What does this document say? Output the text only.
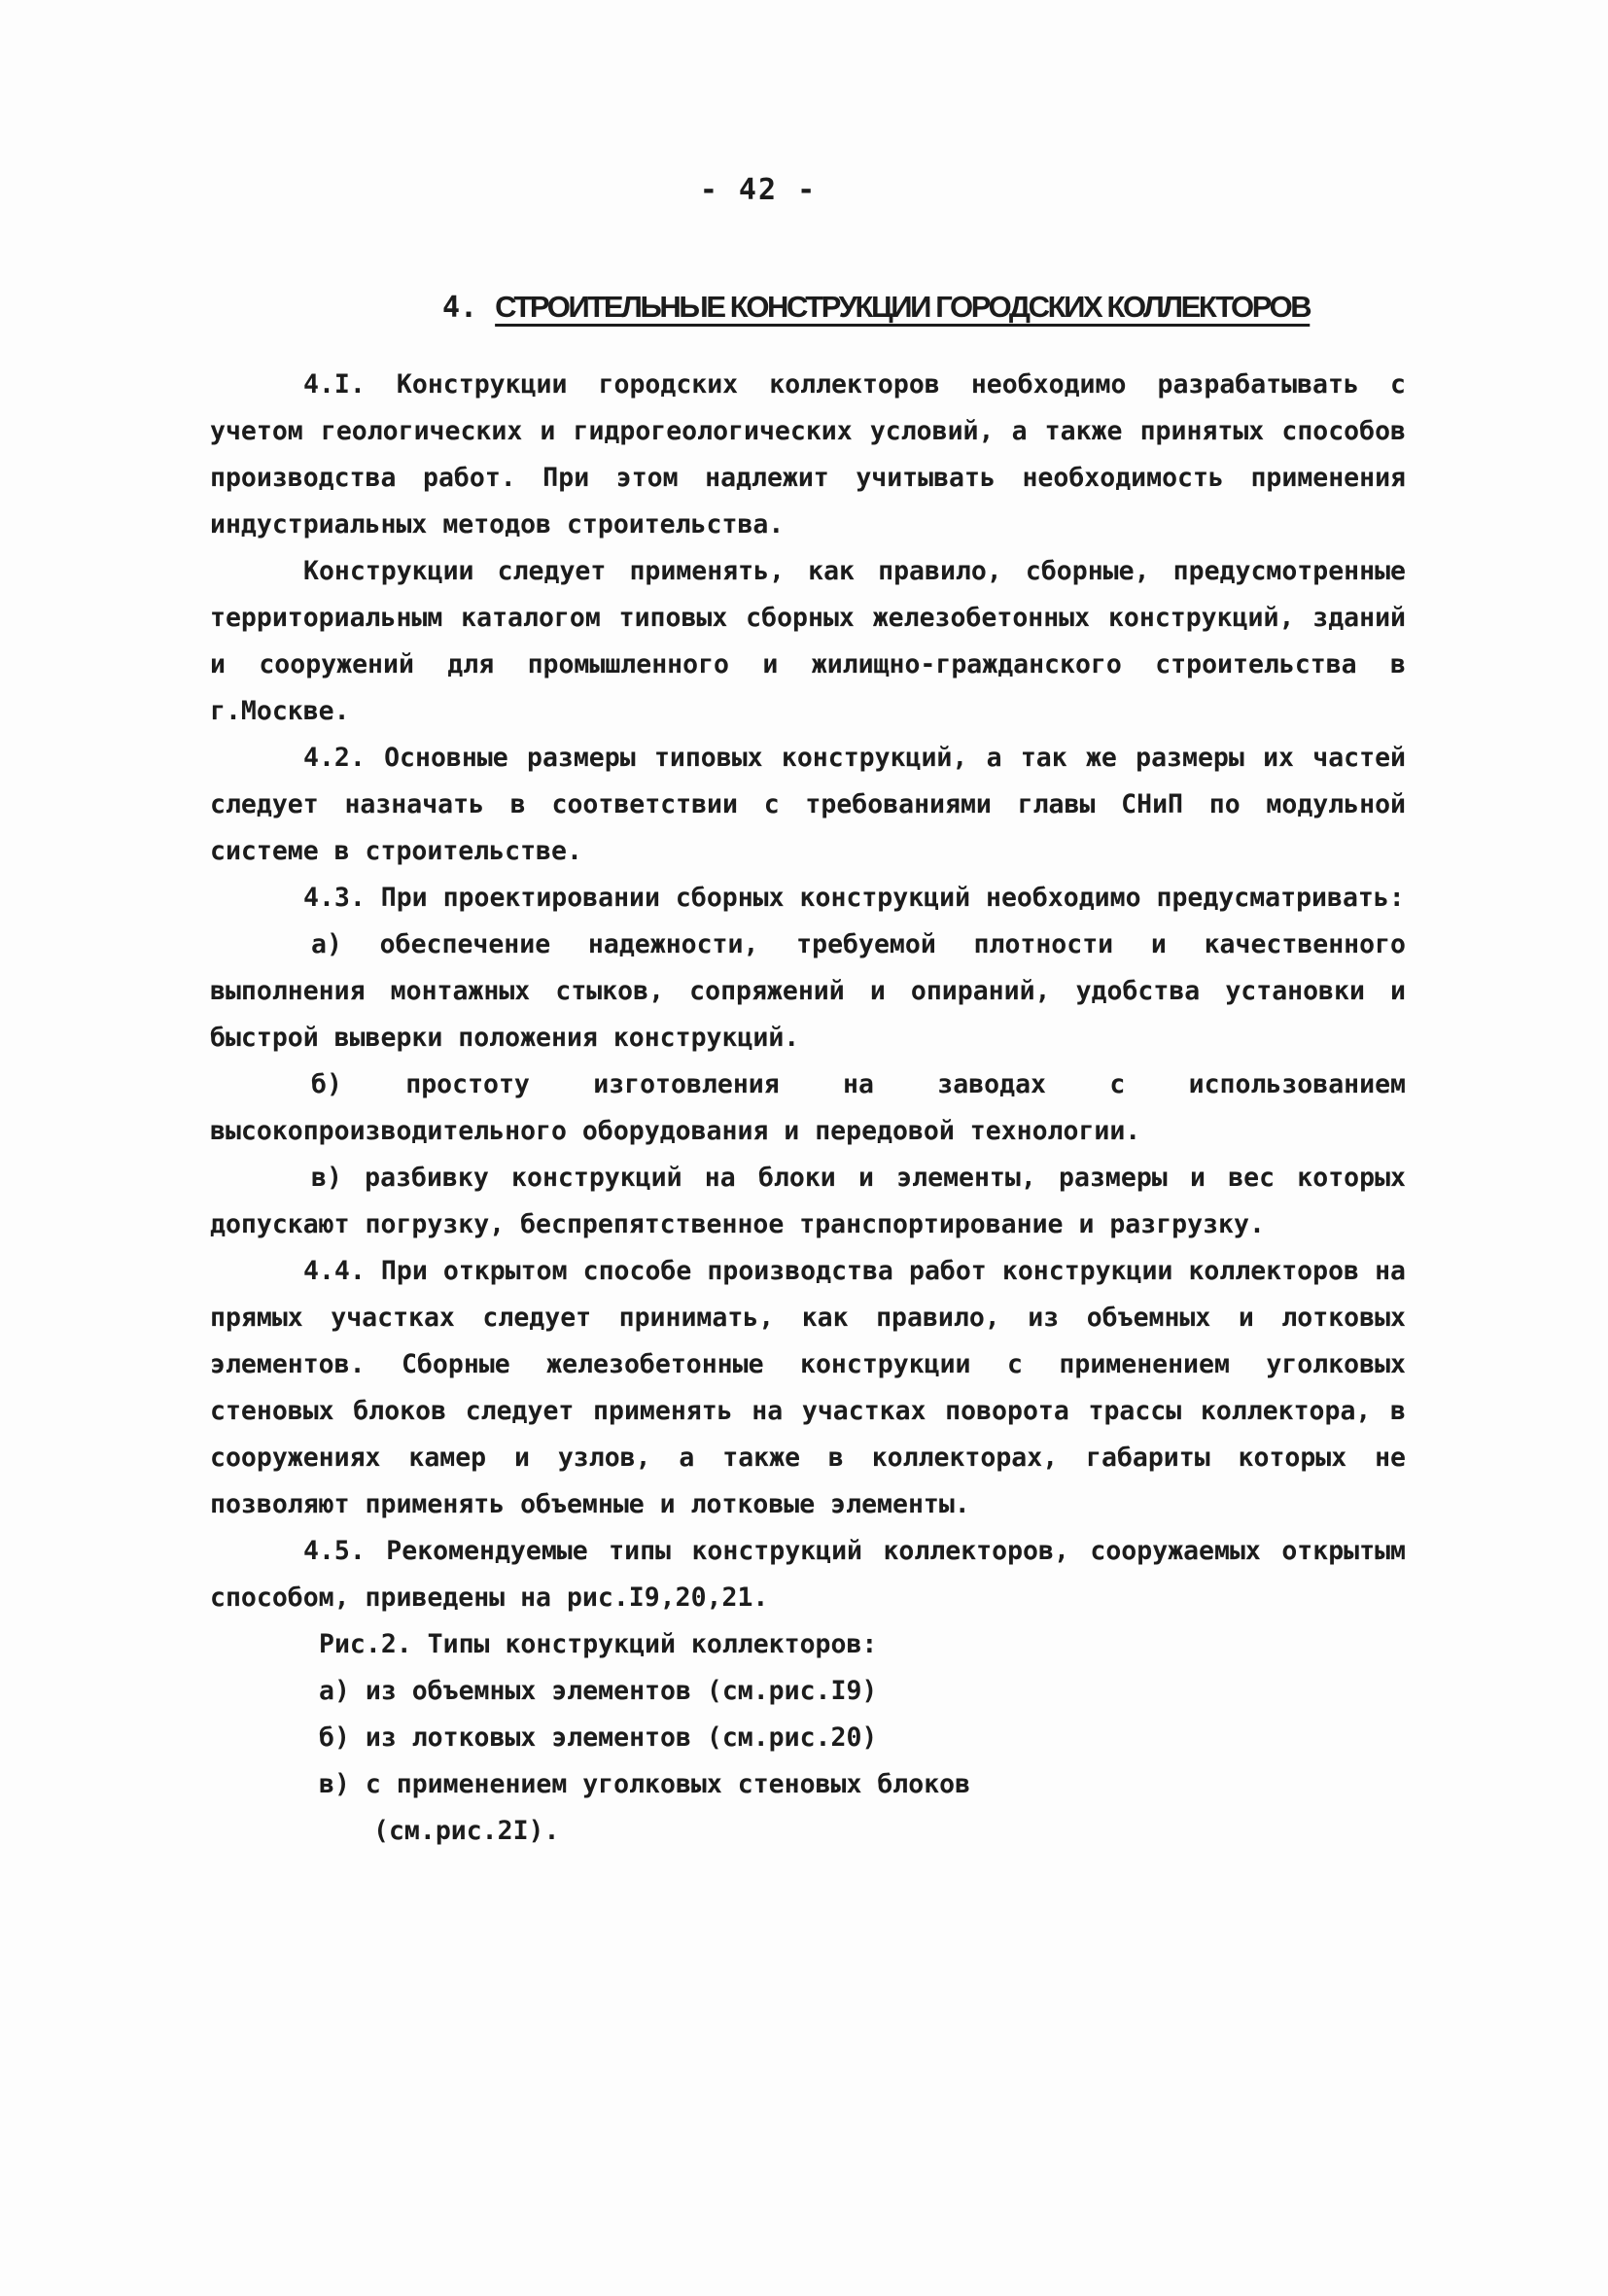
- 42 -
4. СТРОИТЕЛЬНЫЕ КОНСТРУКЦИИ ГОРОДСКИХ КОЛЛЕКТОРОВ

4.I. Конструкции городских коллекторов необходимо разрабатывать с учетом геологических и гидрогеологических условий, а также принятых способов производства работ. При этом надлежит учитывать необходимость применения индустриальных методов строительства.

Конструкции следует применять, как правило, сборные, предусмотренные территориальным каталогом типовых сборных железобетонных конструкций, зданий и сооружений для промышленного и жилищно-гражданского строительства в г.Москве.

4.2. Основные размеры типовых конструкций, а так же размеры их частей следует назначать в соответствии с требованиями главы СНиП по модульной системе в строительстве.

4.3. При проектировании сборных конструкций необходимо предусматривать:

а) обеспечение надежности, требуемой плотности и качественного выполнения монтажных стыков, сопряжений и опираний, удобства установки и быстрой выверки положения конструкций.

б) простоту изготовления на заводах с использованием высокопроизводительного оборудования и передовой технологии.

в) разбивку конструкций на блоки и элементы, размеры и вес которых допускают погрузку, беспрепятственное транспортирование и разгрузку.

4.4. При открытом способе производства работ конструкции коллекторов на прямых участках следует принимать, как правило, из объемных и лотковых элементов. Сборные железобетонные конструкции с применением уголковых стеновых блоков следует применять на участках поворота трассы коллектора, в сооружениях камер и узлов, а также в коллекторах, габариты которых не позволяют применять объемные и лотковые элементы.

4.5. Рекомендуемые типы конструкций коллекторов, сооружаемых открытым способом, приведены на рис.I9,20,21.

Рис.2. Типы конструкций коллекторов:
а) из объемных элементов (см.рис.I9)
б) из лотковых элементов (см.рис.20)
в) с применением уголковых стеновых блоков
(см.рис.2I).
